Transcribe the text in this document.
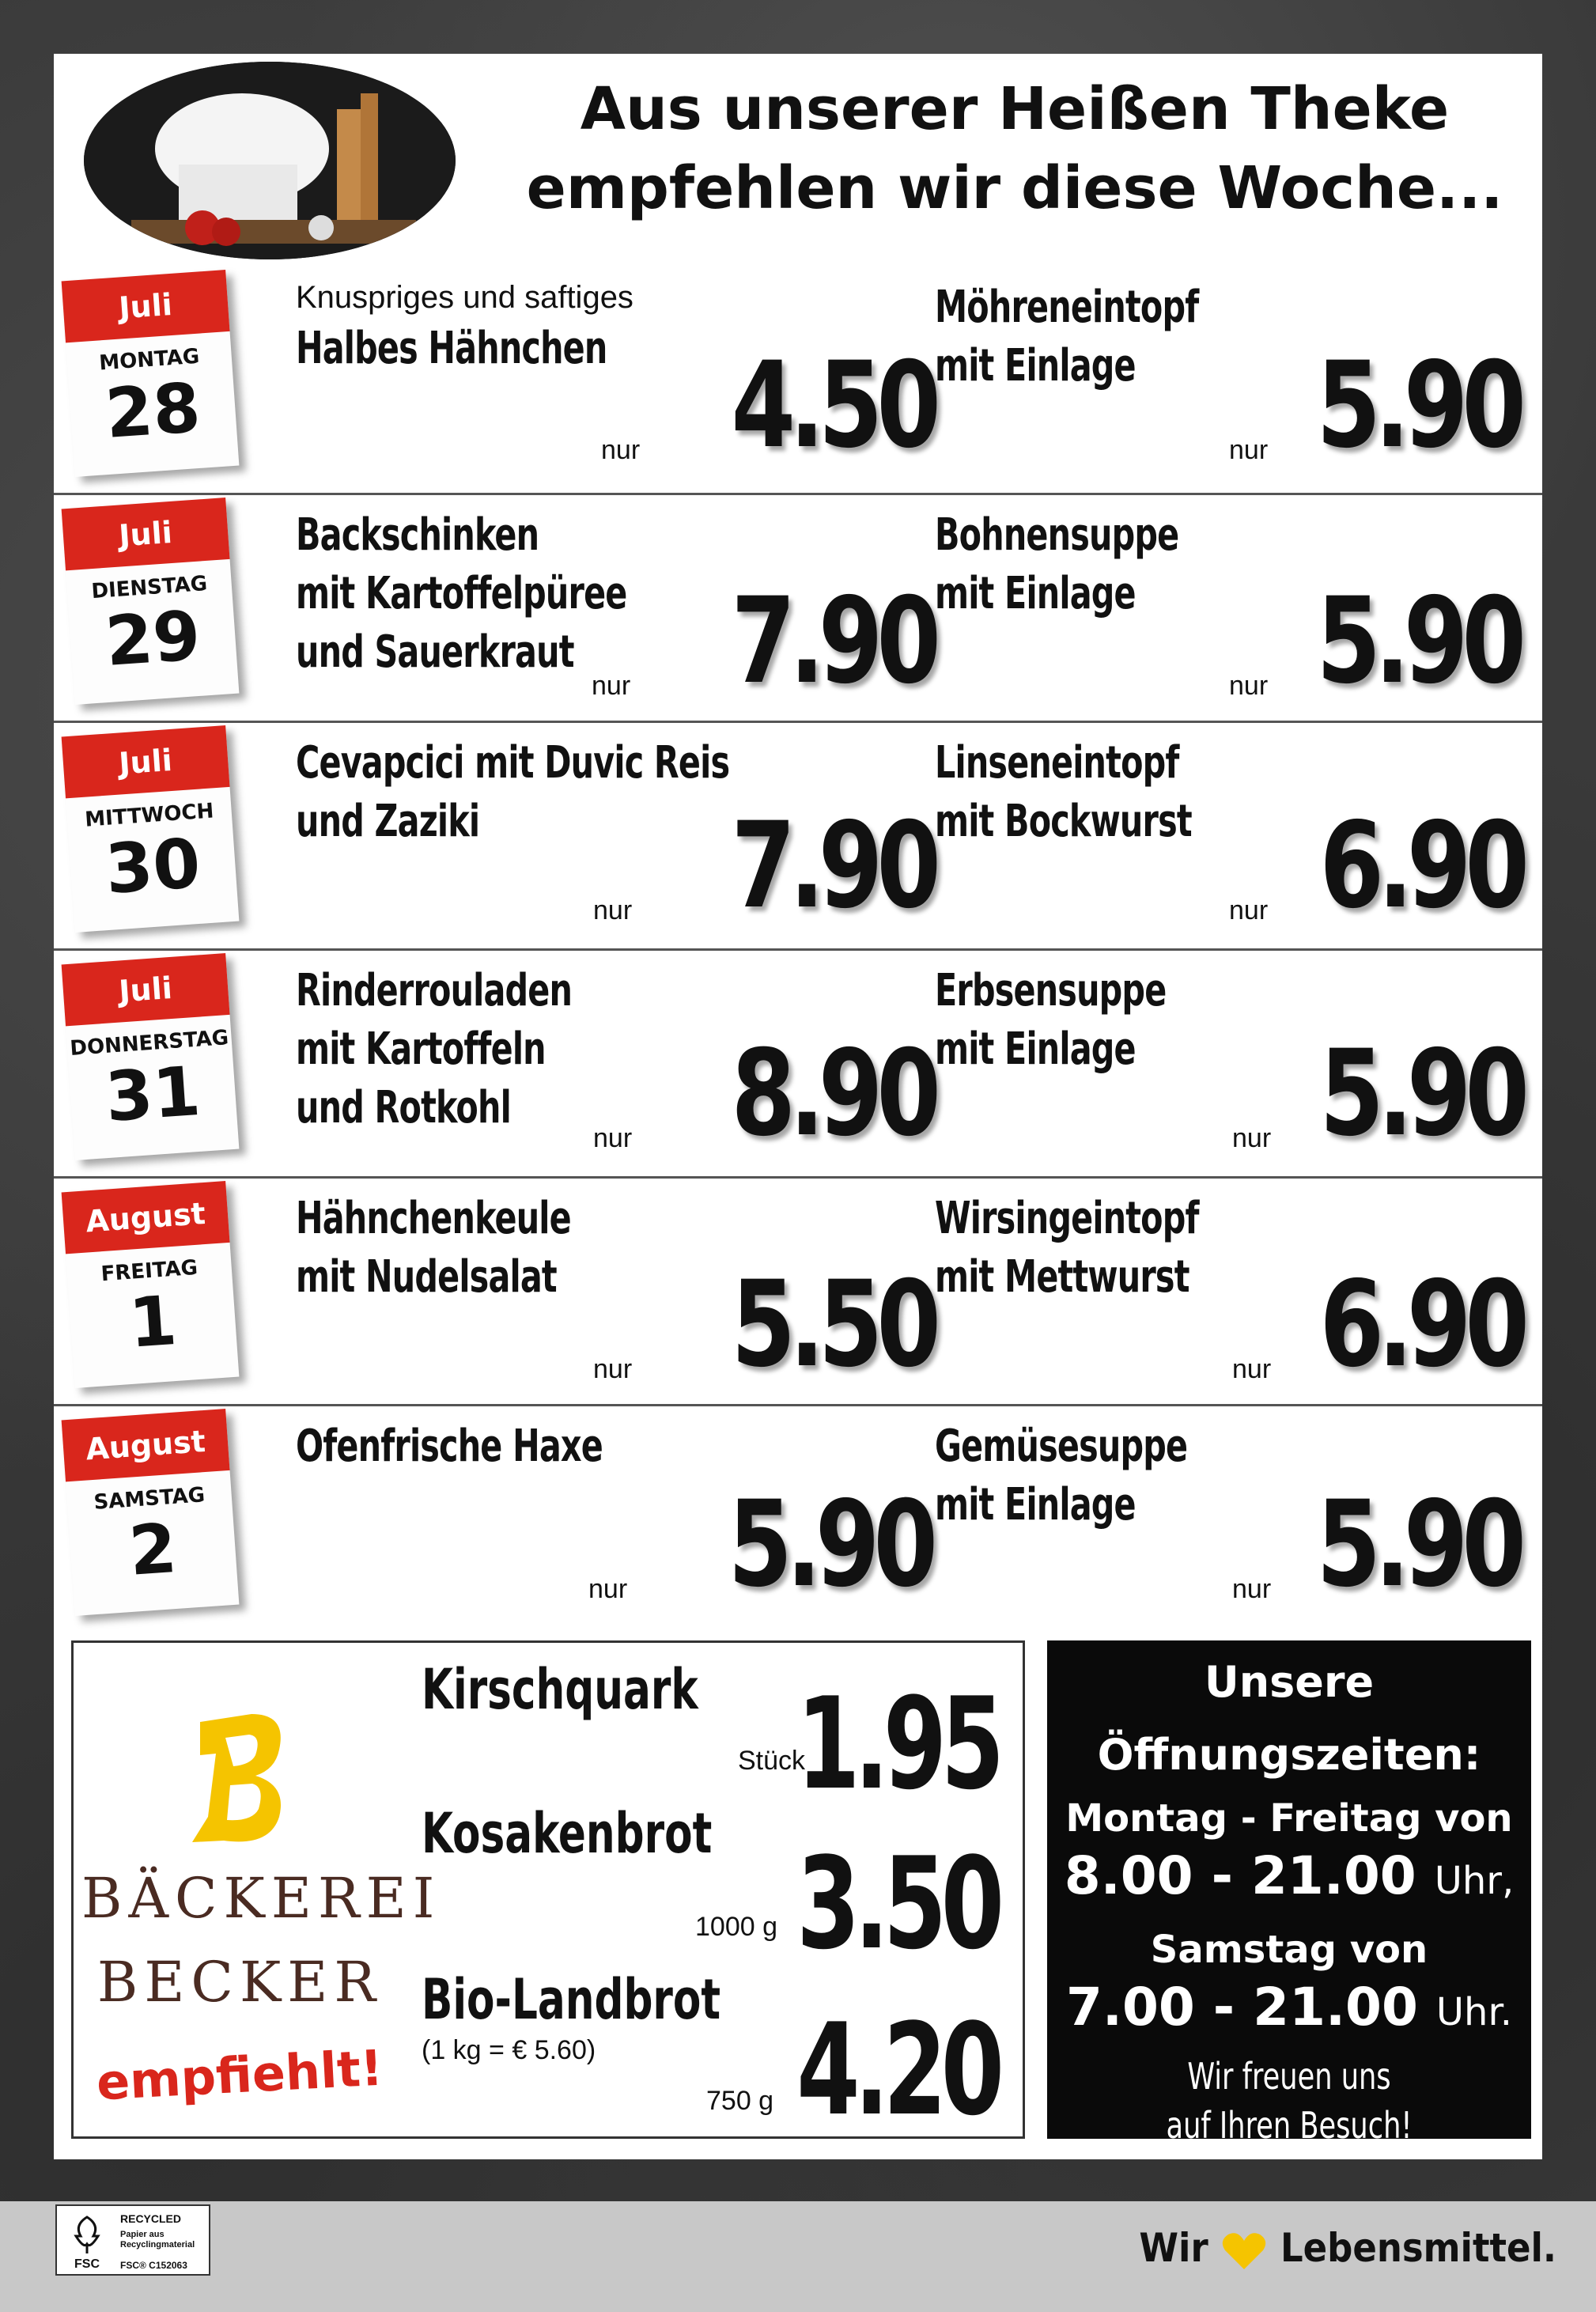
Aus unserer Heißen Theke
empfehlen wir diese Woche...
Juli
MONTAG
28
Knuspriges und saftiges
Halbes Hähnchen
nur 4.50
Möhreneintopf
mit Einlage
nur 5.90
Juli
DIENSTAG
29
Backschinken
mit Kartoffelpüree
und Sauerkraut
nur 7.90
Bohnensuppe
mit Einlage
nur 5.90
Juli
MITTWOCH
30
Cevapcici mit Duvic Reis
und Zaziki
nur 7.90
Linseneintopf
mit Bockwurst
nur 6.90
Juli
DONNERSTAG
31
Rinderrouladen
mit Kartoffeln
und Rotkohl
nur 8.90
Erbsensuppe
mit Einlage
nur 5.90
August
FREITAG
1
Hähnchenkeule
mit Nudelsalat
nur 5.50
Wirsingeintopf
mit Mettwurst
nur 6.90
August
SAMSTAG
2
Ofenfrische Haxe
nur 5.90
Gemüsesuppe
mit Einlage
nur 5.90
BÄCKEREI
BECKER
empfiehlt!
Kirschquark
Stück
1.95
Kosakenbrot
1000 g 3.50
Bio-Landbrot
(1 kg = € 5.60)
750 g 4.20
Unsere
Öffnungszeiten:
Montag - Freitag von
8.00 - 21.00 Uhr,
Samstag von
7.00 - 21.00 Uhr.
Wir freuen uns
auf Ihren Besuch!
FSC
RECYCLED
Papier aus Recyclingmaterial
FSC® C152063	Wir Lebensmittel.
